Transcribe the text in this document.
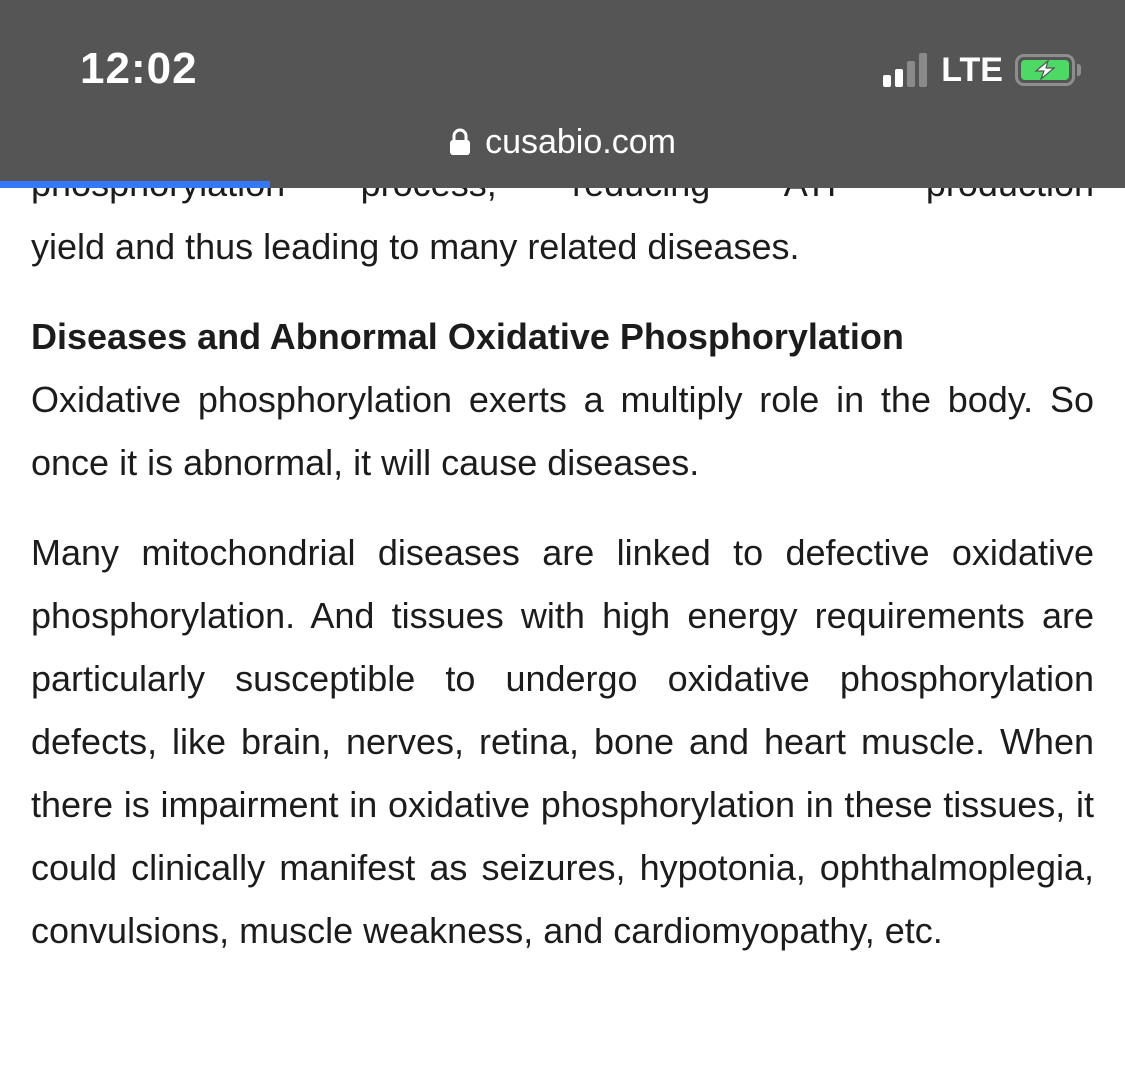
12:02	LTE
cusabio.com

yield and thus leading to many related diseases.

Diseases and Abnormal Oxidative Phosphorylation

Oxidative phosphorylation exerts a multiply role in the body. So once it is abnormal, it will cause diseases.

Many mitochondrial diseases are linked to defective oxidative phosphorylation. And tissues with high energy requirements are particularly susceptible to undergo oxidative phosphorylation defects, like brain, nerves, retina, bone and heart muscle. When there is impairment in oxidative phosphorylation in these tissues, it could clinically manifest as seizures, hypotonia, ophthalmoplegia, convulsions, muscle weakness, and cardiomyopathy, etc.
